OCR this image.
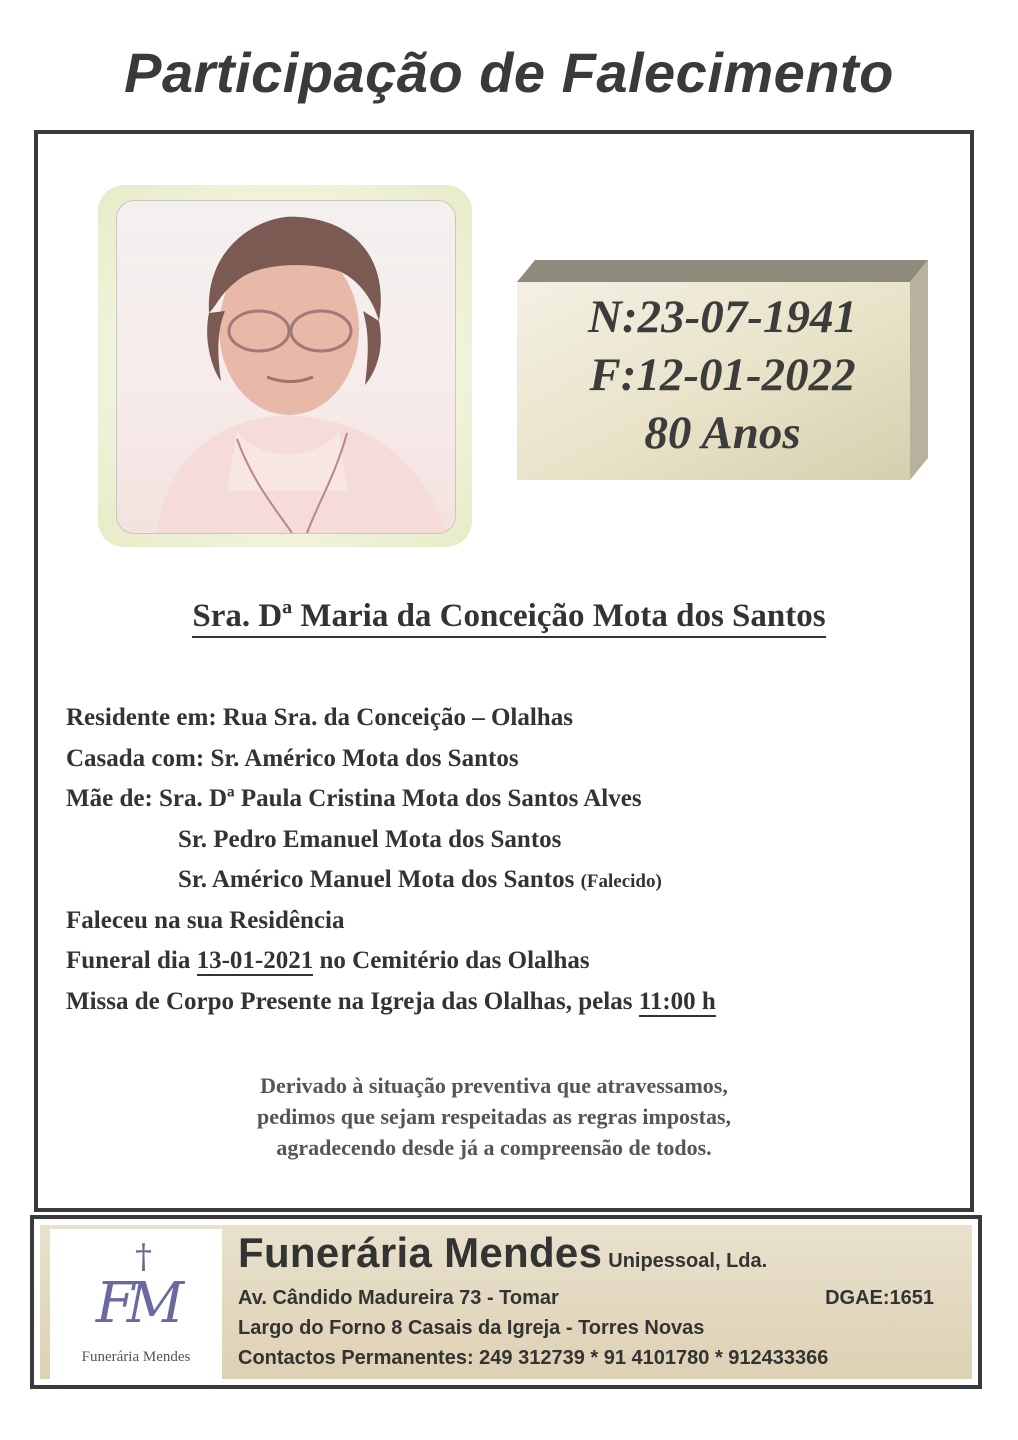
Participação de Falecimento
N:23-07-1941
F:12-01-2022
80 Anos
Sra. Dª Maria da Conceição Mota dos Santos
Residente em: Rua Sra. da Conceição – Olalhas
Casada com: Sr. Américo Mota dos Santos
Mãe de: Sra. Dª Paula Cristina Mota dos Santos Alves
Sr. Pedro Emanuel Mota dos Santos
Sr. Américo Manuel Mota dos Santos (Falecido)
Faleceu na sua Residência
Funeral dia 13-01-2021 no Cemitério das Olalhas
Missa de Corpo Presente na Igreja das Olalhas, pelas 11:00 h
Derivado à situação preventiva que atravessamos,
pedimos que sejam respeitadas as regras impostas,
agradecendo desde já a compreensão de todos.
†
FM
Funerária Mendes
Funerária Mendes Unipessoal, Lda.
Av. Cândido Madureira 73 - Tomar	DGAE:1651
Largo do Forno 8 Casais da Igreja - Torres Novas
Contactos Permanentes: 249 312739 * 91 4101780 * 912433366
